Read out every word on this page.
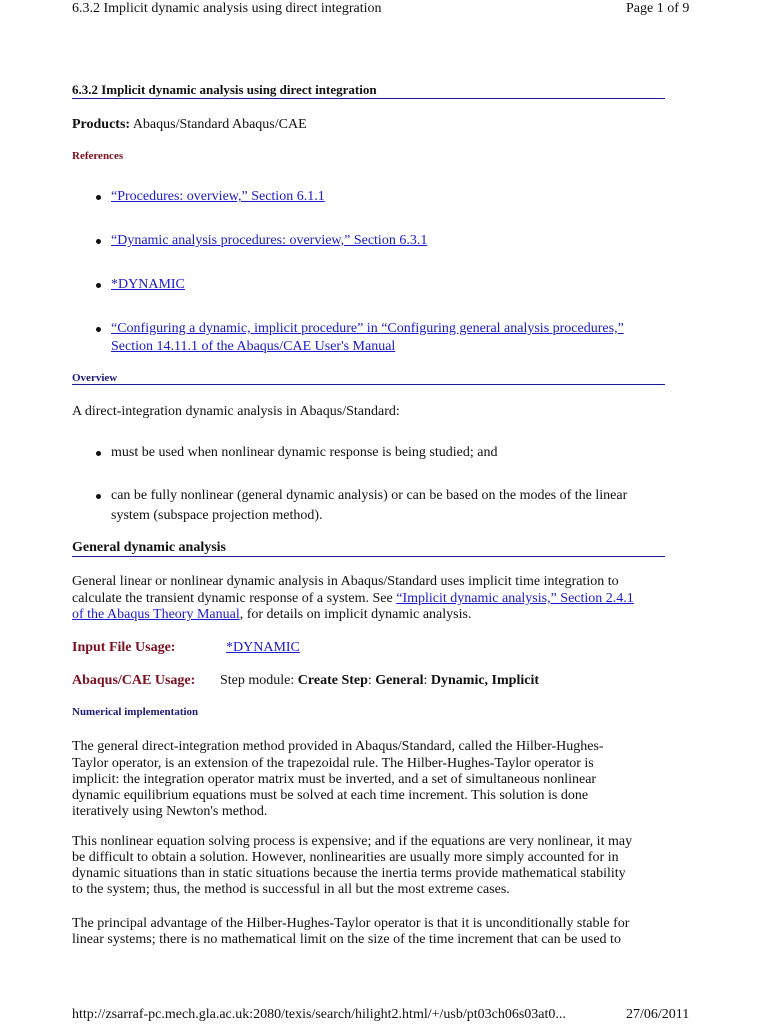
6.3.2 Implicit dynamic analysis using direct integration	Page 1 of 9
6.3.2 Implicit dynamic analysis using direct integration
Products: Abaqus/Standard Abaqus/CAE
References
“Procedures: overview,” Section 6.1.1
“Dynamic analysis procedures: overview,” Section 6.3.1
*DYNAMIC
“Configuring a dynamic, implicit procedure” in “Configuring general analysis procedures,”
Section 14.11.1 of the Abaqus/CAE User's Manual
Overview
A direct-integration dynamic analysis in Abaqus/Standard:
must be used when nonlinear dynamic response is being studied; and
can be fully nonlinear (general dynamic analysis) or can be based on the modes of the linear
system (subspace projection method).
General dynamic analysis
General linear or nonlinear dynamic analysis in Abaqus/Standard uses implicit time integration to
calculate the transient dynamic response of a system. See “Implicit dynamic analysis,” Section 2.4.1
of the Abaqus Theory Manual, for details on implicit dynamic analysis.
Input File Usage:	*DYNAMIC
Abaqus/CAE Usage: Step module: Create Step: General: Dynamic, Implicit
Numerical implementation
The general direct-integration method provided in Abaqus/Standard, called the Hilber-Hughes-
Taylor operator, is an extension of the trapezoidal rule. The Hilber-Hughes-Taylor operator is
implicit: the integration operator matrix must be inverted, and a set of simultaneous nonlinear
dynamic equilibrium equations must be solved at each time increment. This solution is done
iteratively using Newton's method.
This nonlinear equation solving process is expensive; and if the equations are very nonlinear, it may
be difficult to obtain a solution. However, nonlinearities are usually more simply accounted for in
dynamic situations than in static situations because the inertia terms provide mathematical stability
to the system; thus, the method is successful in all but the most extreme cases.
The principal advantage of the Hilber-Hughes-Taylor operator is that it is unconditionally stable for
linear systems; there is no mathematical limit on the size of the time increment that can be used to
http://zsarraf-pc.mech.gla.ac.uk:2080/texis/search/hilight2.html/+/usb/pt03ch06s03at0...	27/06/2011
